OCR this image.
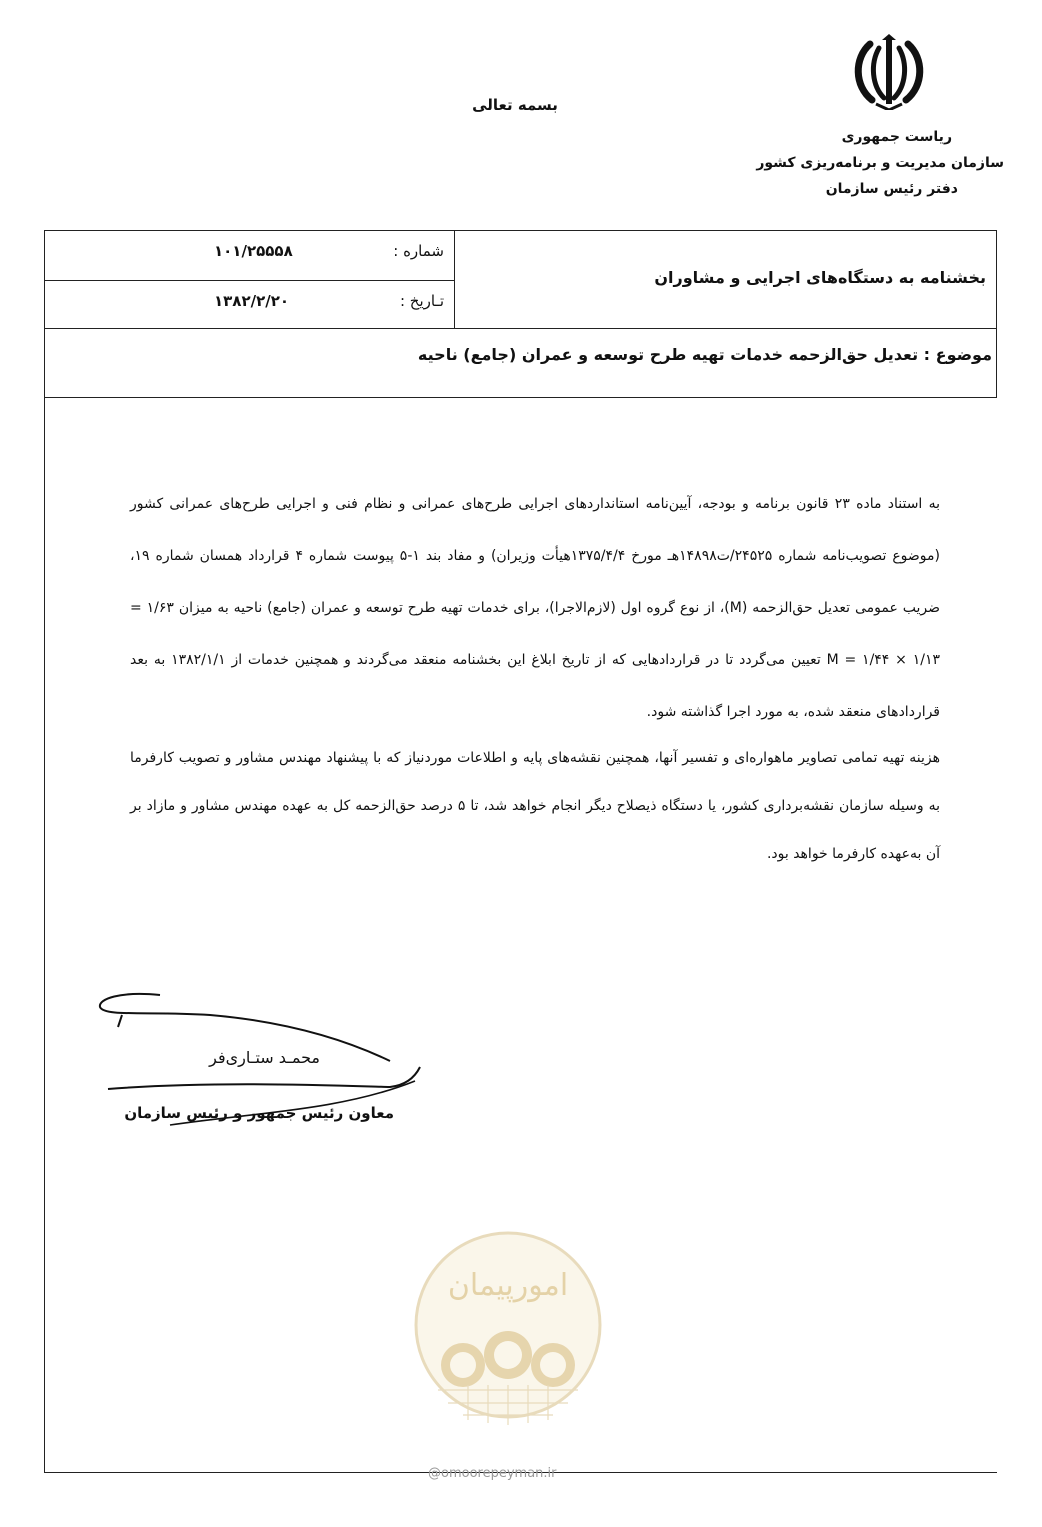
بسمه تعالی
ریاست جمهوری
سازمان مدیریت و برنامه‌ریزی کشور
دفتر رئیس سازمان
شماره :
۱۰۱/۲۵۵۵۸
تـاریخ :
۱۳۸۲/۲/۲۰
بخشنامه به دستگاه‌های اجرایی و مشاوران
موضوع : تعدیل حق‌الزحمه خدمات تهیه طرح توسعه و عمران (جامع) ناحیه

به استناد ماده ۲۳ قانون برنامه و بودجه، آیین‌نامه استانداردهای اجرایی طرح‌های عمرانی و نظام فنی و اجرایی طرح‌های عمرانی کشور (موضوع تصویب‌نامه شماره ۲۴۵۲۵/ت۱۴۸۹۸هـ مورخ ۱۳۷۵/۴/۴هیأت وزیران) و مفاد بند ۱-۵ پیوست شماره ۴ قرارداد همسان شماره ۱۹، ضریب عمومی تعدیل حق‌الزحمه (M)، از نوع گروه اول (لازم‌الاجرا)، برای خدمات تهیه طرح توسعه و عمران (جامع) ناحیه به میزان ۱/۶۳ = ۱/۱۳ × ۱/۴۴ = M تعیین می‌گردد تا در قراردادهایی که از تاریخ ابلاغ این بخشنامه منعقد می‌گردند و همچنین خدمات از ۱۳۸۲/۱/۱ به بعد قراردادهای منعقد شده، به مورد اجرا گذاشته شود.

هزینه تهیه تمامی تصاویر ماهواره‌ای و تفسیر آنها، همچنین نقشه‌های پایه و اطلاعات موردنیاز که با پیشنهاد مهندس مشاور و تصویب کارفرما به وسیله سازمان نقشه‌برداری کشور، یا دستگاه ذیصلاح دیگر انجام خواهد شد، تا ۵ درصد حق‌الزحمه کل به عهده مهندس مشاور و مازاد بر آن به‌عهده کارفرما خواهد بود.

محمـد ستـاری‌فر
معاون رئیس جمهور و رئیس سازمان
امورپیمان
@omoorepeyman.ir
